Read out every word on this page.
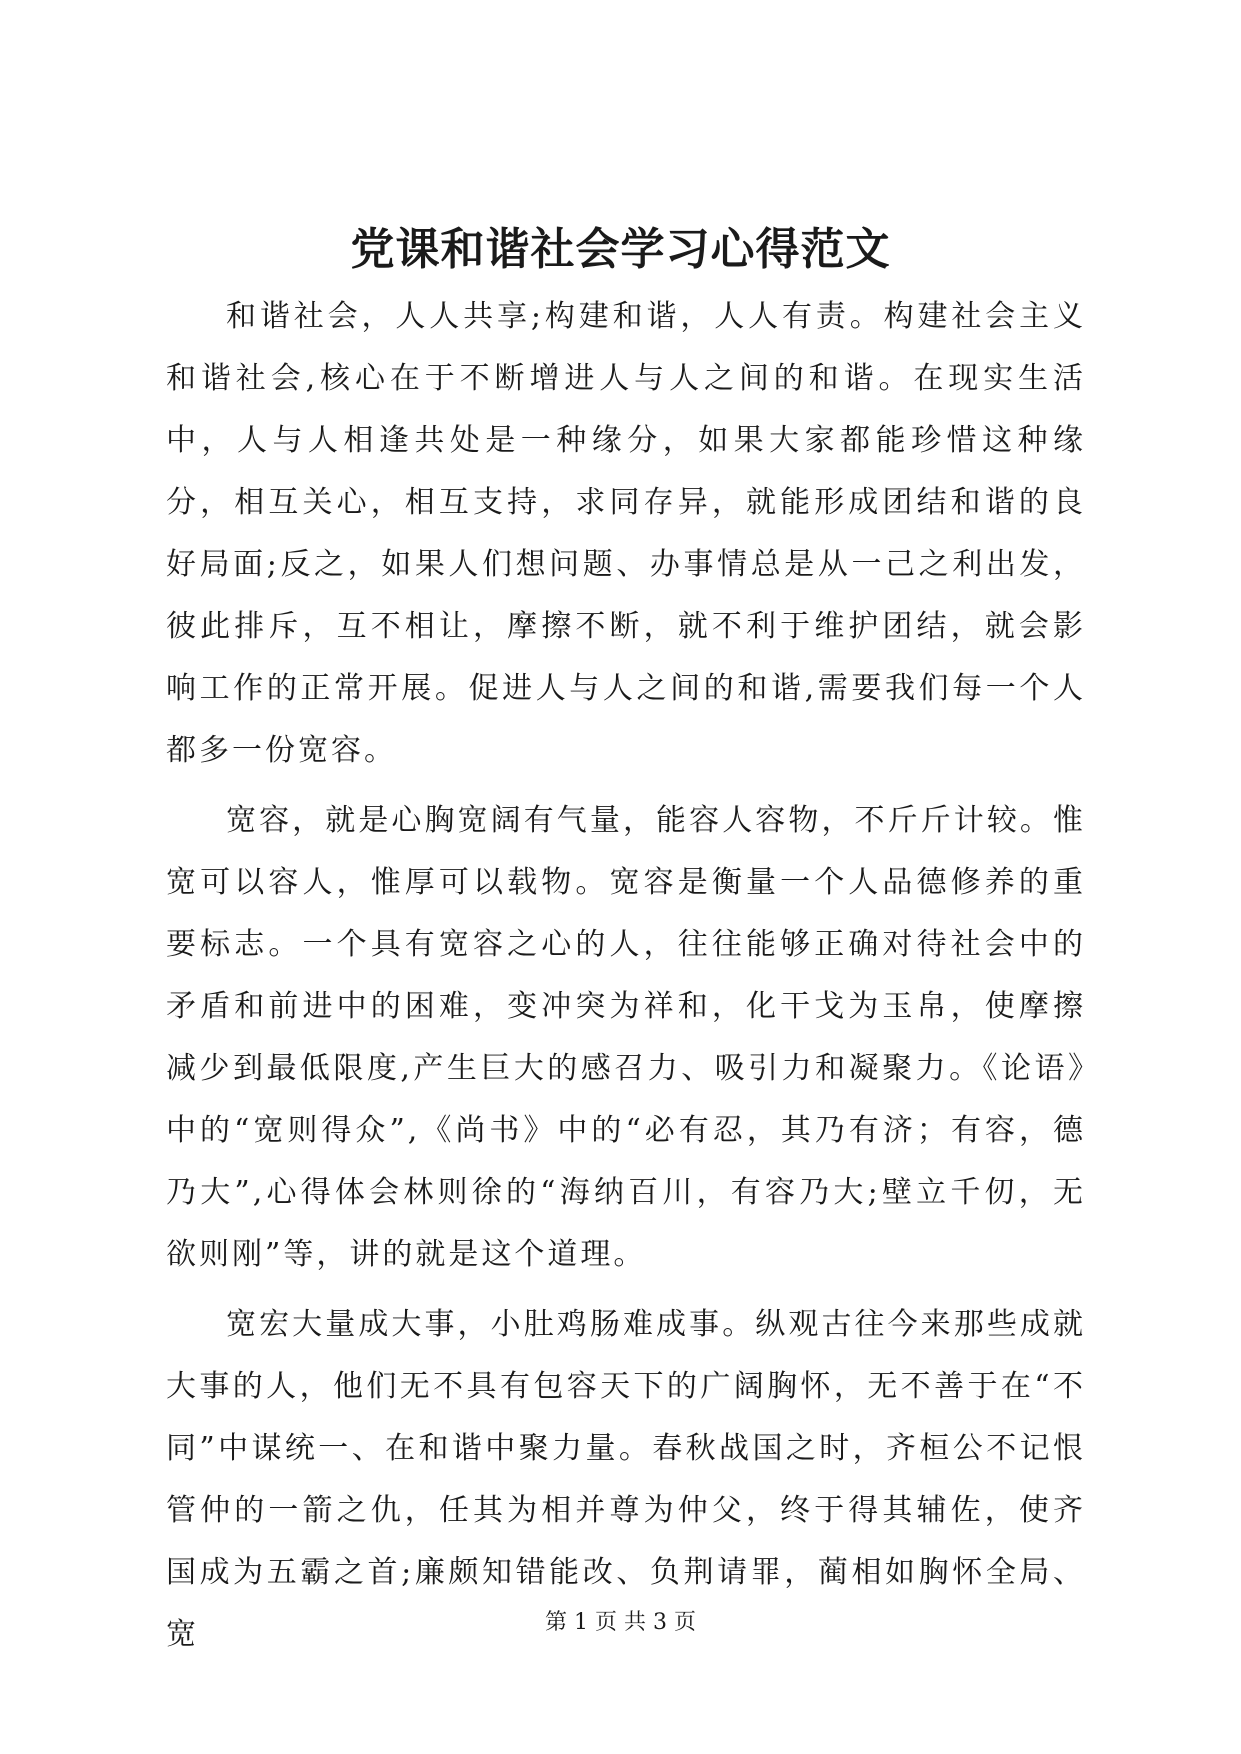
党课和谐社会学习心得范文

和谐社会，人人共享;构建和谐，人人有责。构建社会主义和谐社会,核心在于不断增进人与人之间的和谐。在现实生活中，人与人相逢共处是一种缘分，如果大家都能珍惜这种缘分，相互关心，相互支持，求同存异，就能形成团结和谐的良好局面;反之，如果人们想问题、办事情总是从一己之利出发，彼此排斥，互不相让，摩擦不断，就不利于维护团结，就会影响工作的正常开展。促进人与人之间的和谐,需要我们每一个人都多一份宽容。

宽容，就是心胸宽阔有气量，能容人容物，不斤斤计较。惟宽可以容人，惟厚可以载物。宽容是衡量一个人品德修养的重要标志。一个具有宽容之心的人，往往能够正确对待社会中的矛盾和前进中的困难，变冲突为祥和，化干戈为玉帛，使摩擦减少到最低限度,产生巨大的感召力、吸引力和凝聚力。《论语》中的“宽则得众”,《尚书》中的“必有忍，其乃有济；有容，德乃大”,心得体会林则徐的“海纳百川，有容乃大;壁立千仞，无欲则刚”等，讲的就是这个道理。

宽宏大量成大事，小肚鸡肠难成事。纵观古往今来那些成就大事的人，他们无不具有包容天下的广阔胸怀，无不善于在“不同”中谋统一、在和谐中聚力量。春秋战国之时，齐桓公不记恨管仲的一箭之仇，任其为相并尊为仲父，终于得其辅佐，使齐国成为五霸之首;廉颇知错能改、负荆请罪，蔺相如胸怀全局、宽	第 1 页 共 3 页
